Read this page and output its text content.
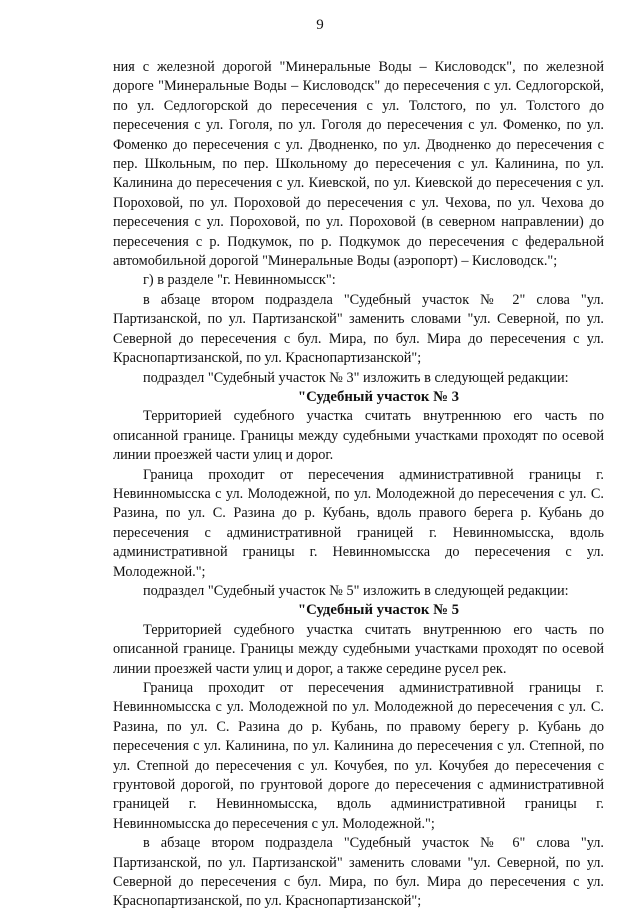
9

ния с железной дорогой "Минеральные Воды – Кисловодск", по железной дороге "Минеральные Воды – Кисловодск" до пересечения с ул. Седлогорской, по ул. Седлогорской до пересечения с ул. Толстого, по ул. Толстого до пересечения с ул. Гоголя, по ул. Гоголя до пересечения с ул. Фоменко, по ул. Фоменко до пересечения с ул. Дводненко, по ул. Дводненко до пересечения с пер. Школьным, по пер. Школьному до пересечения с ул. Калинина, по ул. Калинина до пересечения с ул. Киевской, по ул. Киевской до пересечения с ул. Пороховой, по ул. Пороховой до пересечения с ул. Чехова, по ул. Чехова до пересечения с ул. Пороховой, по ул. Пороховой (в северном направлении) до пересечения с р. Подкумок, по р. Подкумок до пересечения с федеральной автомобильной дорогой "Минеральные Воды (аэропорт) – Кисловодск.";

г) в разделе "г. Невинномысск":

в абзаце втором подраздела "Судебный участок № 2" слова "ул. Партизанской, по ул. Партизанской" заменить словами "ул. Северной, по ул. Северной до пересечения с бул. Мира, по бул. Мира до пересечения с ул. Краснопартизанской, по ул. Краснопартизанской";

подраздел "Судебный участок № 3" изложить в следующей редакции:

"Судебный участок № 3

Территорией судебного участка считать внутреннюю его часть по описанной границе. Границы между судебными участками проходят по осевой линии проезжей части улиц и дорог.

Граница проходит от пересечения административной границы г. Невинномысска с ул. Молодежной, по ул. Молодежной до пересечения с ул. С. Разина, по ул. С. Разина до р. Кубань, вдоль правого берега р. Кубань до пересечения с административной границей г. Невинномысска, вдоль административной границы г. Невинномысска до пересечения с ул. Молодежной.";

подраздел "Судебный участок № 5" изложить в следующей редакции:

"Судебный участок № 5

Территорией судебного участка считать внутреннюю его часть по описанной границе. Границы между судебными участками проходят по осевой линии проезжей части улиц и дорог, а также середине русел рек.

Граница проходит от пересечения административной границы г. Невинномысска с ул. Молодежной по ул. Молодежной до пересечения с ул. С. Разина, по ул. С. Разина до р. Кубань, по правому берегу р. Кубань до пересечения с ул. Калинина, по ул. Калинина до пересечения с ул. Степной, по ул. Степной до пересечения с ул. Кочубея, по ул. Кочубея до пересечения с грунтовой дорогой, по грунтовой дороге до пересечения с административной границей г. Невинномысска, вдоль административной границы г. Невинномысска до пересечения с ул. Молодежной.";

в абзаце втором подраздела "Судебный участок № 6" слова "ул. Партизанской, по ул. Партизанской" заменить словами "ул. Северной, по ул. Северной до пересечения с бул. Мира, по бул. Мира до пересечения с ул. Краснопартизанской, по ул. Краснопартизанской";
